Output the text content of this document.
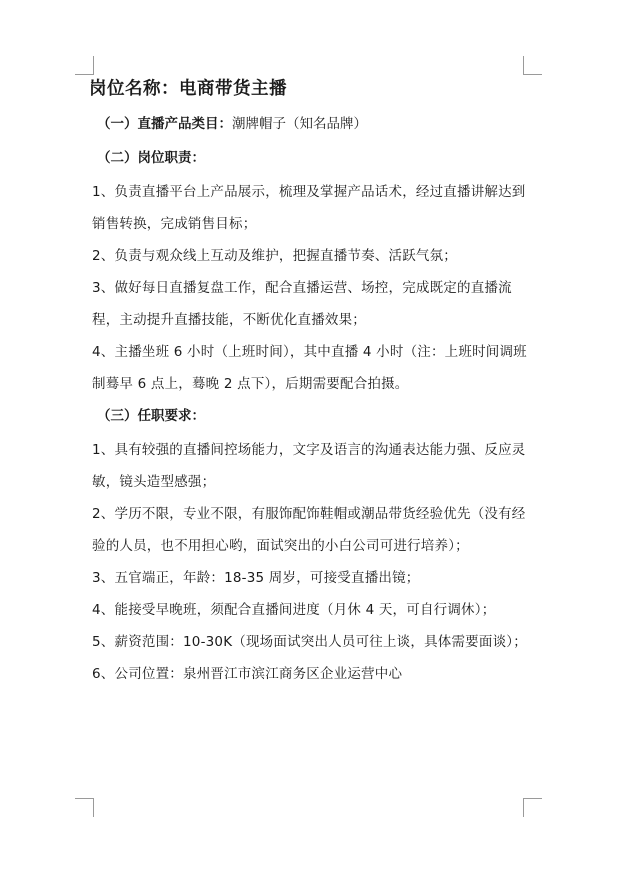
岗位名称：电商带货主播
（一）直播产品类目：潮牌帽子（知名品牌）
（二）岗位职责：

1、负责直播平台上产品展示，梳理及掌握产品话术，经过直播讲解达到销售转换，完成销售目标；

2、负责与观众线上互动及维护，把握直播节奏、活跃气氛；

3、做好每日直播复盘工作，配合直播运营、场控，完成既定的直播流程，主动提升直播技能，不断优化直播效果；

4、主播坐班 6 小时（上班时间），其中直播 4 小时（注：上班时间调班制蓦早 6 点上，蓦晚 2 点下），后期需要配合拍摄。

（三）任职要求：

1、具有较强的直播间控场能力，文字及语言的沟通表达能力强、反应灵敏，镜头造型感强；

2、学历不限，专业不限，有服饰配饰鞋帽或潮品带货经验优先（没有经验的人员，也不用担心哟，面试突出的小白公司可进行培养）；

3、五官端正，年龄：18-35 周岁，可接受直播出镜；

4、能接受早晚班，须配合直播间进度（月休 4 天，可自行调休）；

5、薪资范围：10-30K（现场面试突出人员可往上谈，具体需要面谈）；

6、公司位置：泉州晋江市滨江商务区企业运营中心
